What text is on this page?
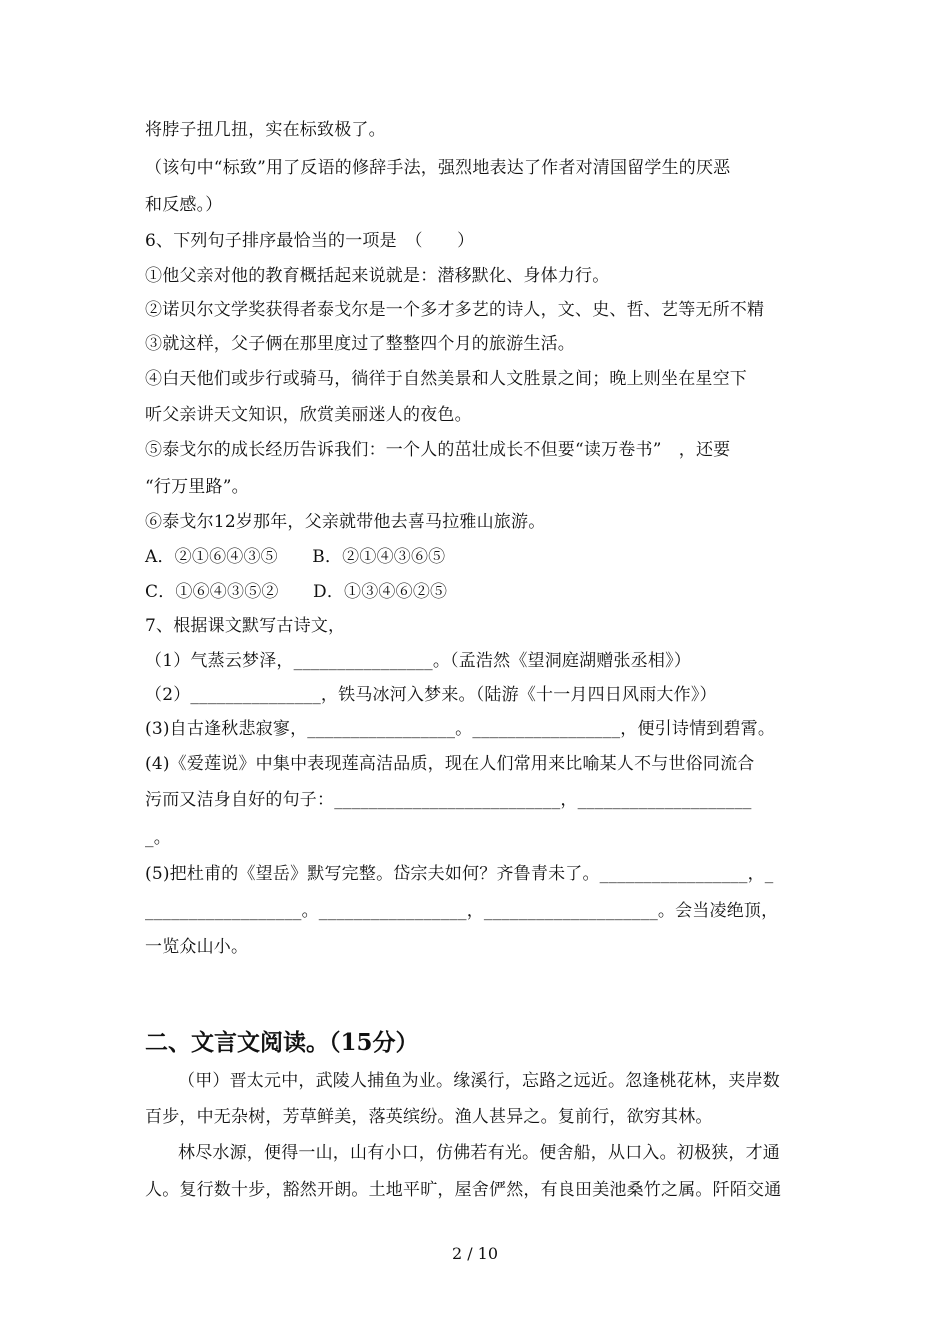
将脖子扭几扭，实在标致极了。
（该句中“标致”用了反语的修辞手法，强烈地表达了作者对清国留学生的厌恶
和反感。）
6、下列句子排序最恰当的一项是　（　　）
①他父亲对他的教育概括起来说就是：潜移默化、身体力行。
②诺贝尔文学奖获得者泰戈尔是一个多才多艺的诗人，文、史、哲、艺等无所不精
③就这样，父子俩在那里度过了整整四个月的旅游生活。
④白天他们或步行或骑马，徜徉于自然美景和人文胜景之间；晚上则坐在星空下
听父亲讲天文知识，欣赏美丽迷人的夜色。
⑤泰戈尔的成长经历告诉我们：一个人的茁壮成长不但要“读万卷书”　，还要
“行万里路”。
⑥泰戈尔12岁那年，父亲就带他去喜马拉雅山旅游。
A．②①⑥④③⑤　　B．②①④③⑥⑤
C．①⑥④③⑤②　　D．①③④⑥②⑤
7、根据课文默写古诗文，
（1）气蒸云梦泽，________________。（孟浩然《望洞庭湖赠张丞相》）
（2）_______________，铁马冰河入梦来。（陆游《十一月四日风雨大作》）
(3)自古逢秋悲寂寥，_________________。_________________，便引诗情到碧霄。
(4)《爱莲说》中集中表现莲高洁品质，现在人们常用来比喻某人不与世俗同流合
污而又洁身自好的句子：__________________________，____________________
_。
(5)把杜甫的《望岳》默写完整。岱宗夫如何？齐鲁青未了。_________________，_
__________________。_________________，____________________。会当凌绝顶，
一览众山小。
二、文言文阅读。（15分）
（甲）晋太元中，武陵人捕鱼为业。缘溪行，忘路之远近。忽逢桃花林，夹岸数
百步，中无杂树，芳草鲜美，落英缤纷。渔人甚异之。复前行，欲穷其林。
林尽水源，便得一山，山有小口，仿佛若有光。便舍船，从口入。初极狭，才通
人。复行数十步，豁然开朗。土地平旷，屋舍俨然，有良田美池桑竹之属。阡陌交通
2 / 10
